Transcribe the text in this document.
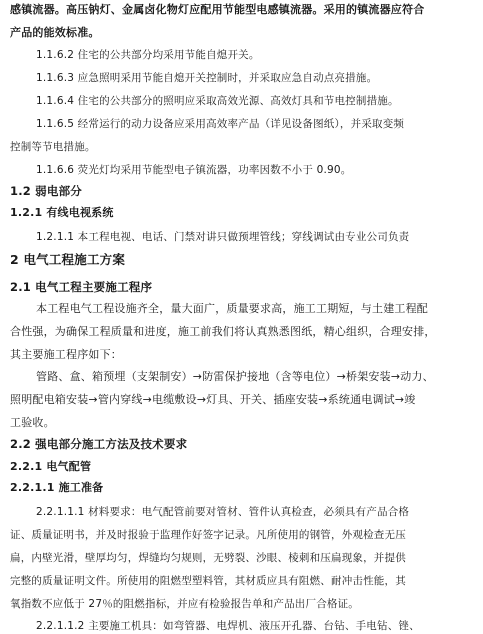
感镇流器。高压钠灯、金属卤化物灯应配用节能型电感镇流器。采用的镇流器应符合
产品的能效标准。
1.1.6.2 住宅的公共部分均采用节能自熄开关。
1.1.6.3 应急照明采用节能自熄开关控制时，并采取应急自动点亮措施。
1.1.6.4 住宅的公共部分的照明应采取高效光源、高效灯具和节电控制措施。
1.1.6.5 经常运行的动力设备应采用高效率产品（详见设备图纸），并采取变频
控制等节电措施。
1.1.6.6 荧光灯均采用节能型电子镇流器，功率因数不小于 0.90。
1.2 弱电部分
1.2.1 有线电视系统
1.2.1.1 本工程电视、电话、门禁对讲只做预埋管线；穿线调试由专业公司负责
2 电气工程施工方案
2.1 电气工程主要施工程序
本工程电气工程设施齐全，量大面广，质量要求高，施工工期短，与土建工程配
合性强，为确保工程质量和进度，施工前我们将认真熟悉图纸，精心组织，合理安排，
其主要施工程序如下：
管路、盒、箱预埋（支架制安）→防雷保护接地（含等电位）→桥架安装→动力、
照明配电箱安装→管内穿线→电缆敷设→灯具、开关、插座安装→系统通电调试→竣
工验收。
2.2 强电部分施工方法及技术要求
2.2.1 电气配管
2.2.1.1 施工准备
2.2.1.1.1 材料要求：电气配管前要对管材、管件认真检查，必须具有产品合格
证、质量证明书，并及时报验于监理作好签字记录。凡所使用的钢管，外观检查无压
扁，内壁光滑，壁厚均匀，焊缝均匀规则，无劈裂、沙眼、棱刺和压扁现象，并提供
完整的质量证明文件。所使用的阻燃型塑料管，其材质应具有阻燃、耐冲击性能，其
氧指数不应低于 27％的阻燃指标，并应有检验报告单和产品出厂合格证。
2.2.1.1.2 主要施工机具：如弯管器、电焊机、液压开孔器、台钻、手电钻、锉、
